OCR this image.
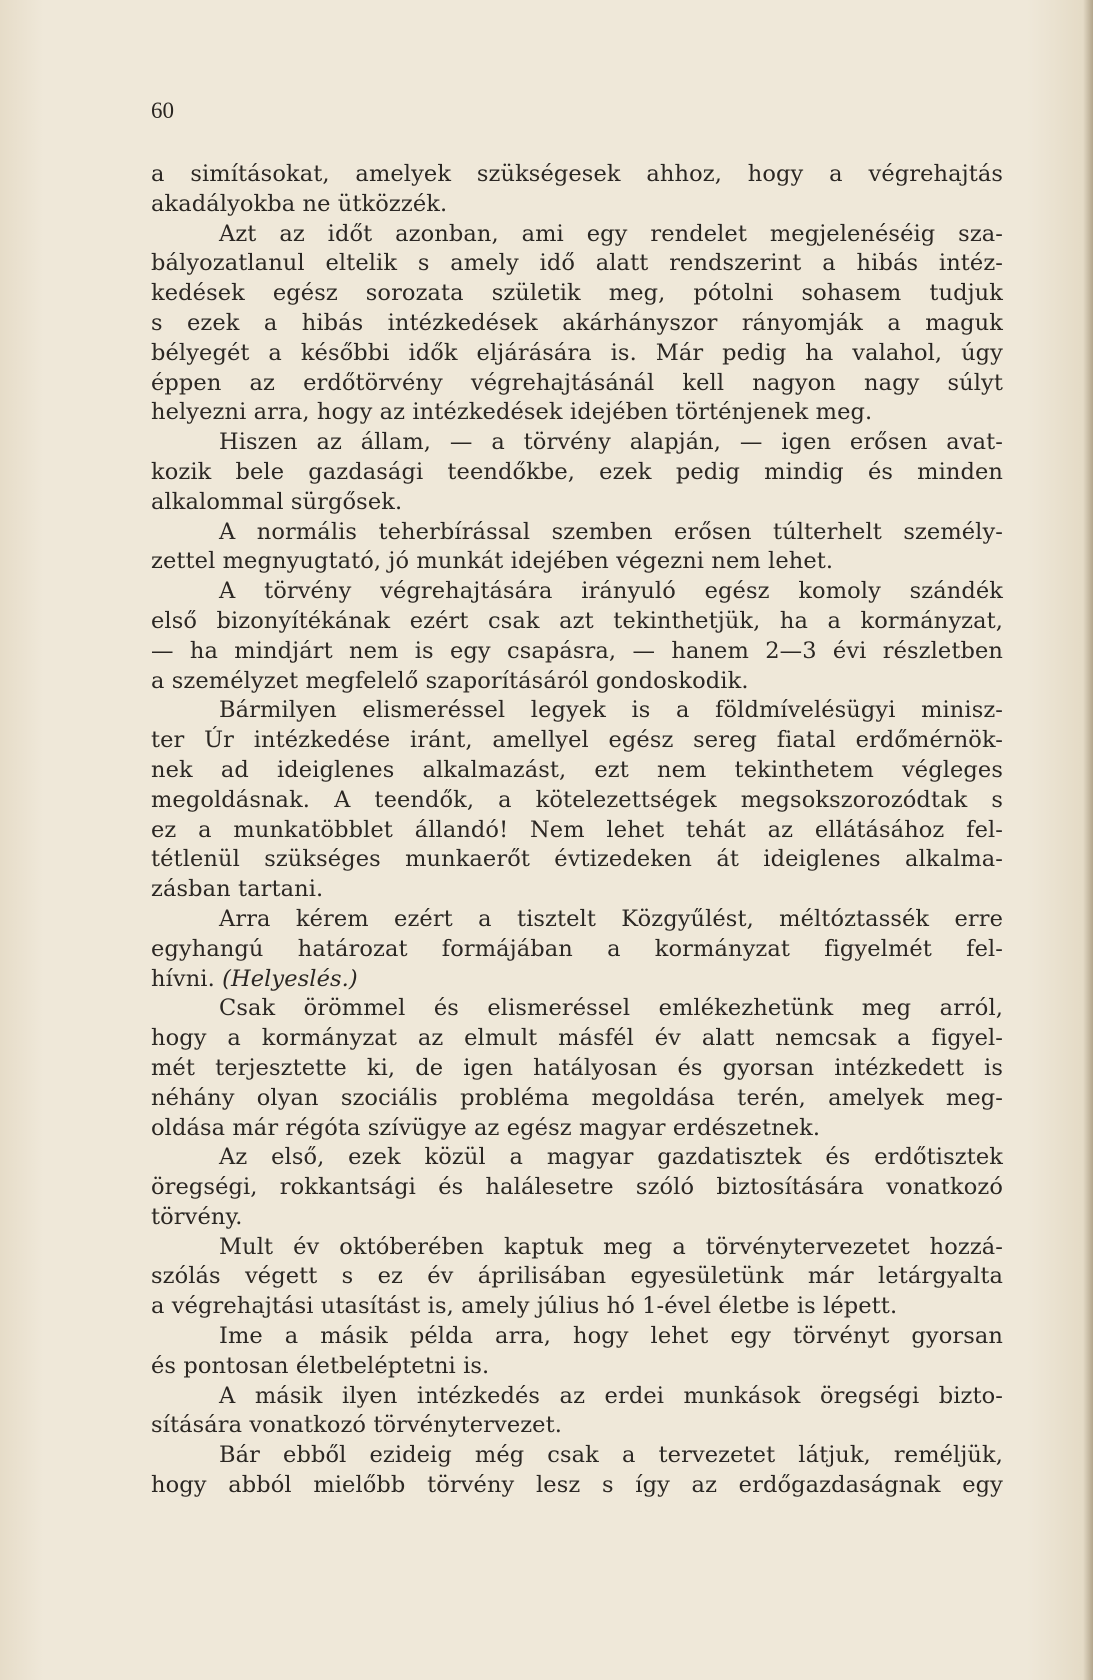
60
a simításokat, amelyek szükségesek ahhoz, hogy a végrehajtás
akadályokba ne ütközzék.
Azt az időt azonban, ami egy rendelet megjelenéséig sza-
bályozatlanul eltelik s amely idő alatt rendszerint a hibás intéz-
kedések egész sorozata születik meg, pótolni sohasem tudjuk
s ezek a hibás intézkedések akárhányszor rányomják a maguk
bélyegét a későbbi idők eljárására is. Már pedig ha valahol, úgy
éppen az erdőtörvény végrehajtásánál kell nagyon nagy súlyt
helyezni arra, hogy az intézkedések idejében történjenek meg.
Hiszen az állam, — a törvény alapján, — igen erősen avat-
kozik bele gazdasági teendőkbe, ezek pedig mindig és minden
alkalommal sürgősek.
A normális teherbírással szemben erősen túlterhelt személy-
zettel megnyugtató, jó munkát idejében végezni nem lehet.
A törvény végrehajtására irányuló egész komoly szándék
első bizonyítékának ezért csak azt tekinthetjük, ha a kormányzat,
— ha mindjárt nem is egy csapásra, — hanem 2—3 évi részletben
a személyzet megfelelő szaporításáról gondoskodik.
Bármilyen elismeréssel legyek is a földmívelésügyi minisz-
ter Úr intézkedése iránt, amellyel egész sereg fiatal erdőmérnök-
nek ad ideiglenes alkalmazást, ezt nem tekinthetem végleges
megoldásnak. A teendők, a kötelezettségek megsokszorozódtak s
ez a munkatöbblet állandó! Nem lehet tehát az ellátásához fel-
tétlenül szükséges munkaerőt évtizedeken át ideiglenes alkalma-
zásban tartani.
Arra kérem ezért a tisztelt Közgyűlést, méltóztassék erre
egyhangú határozat formájában a kormányzat figyelmét fel-
hívni. (Helyeslés.)
Csak örömmel és elismeréssel emlékezhetünk meg arról,
hogy a kormányzat az elmult másfél év alatt nemcsak a figyel-
mét terjesztette ki, de igen hatályosan és gyorsan intézkedett is
néhány olyan szociális probléma megoldása terén, amelyek meg-
oldása már régóta szívügye az egész magyar erdészetnek.
Az első, ezek közül a magyar gazdatisztek és erdőtisztek
öregségi, rokkantsági és halálesetre szóló biztosítására vonatkozó
törvény.
Mult év októberében kaptuk meg a törvénytervezetet hozzá-
szólás végett s ez év áprilisában egyesületünk már letárgyalta
a végrehajtási utasítást is, amely július hó 1-ével életbe is lépett.
Ime a másik példa arra, hogy lehet egy törvényt gyorsan
és pontosan életbeléptetni is.
A másik ilyen intézkedés az erdei munkások öregségi bizto-
sítására vonatkozó törvénytervezet.
Bár ebből ezideig még csak a tervezetet látjuk, reméljük,
hogy abból mielőbb törvény lesz s így az erdőgazdaságnak egy
